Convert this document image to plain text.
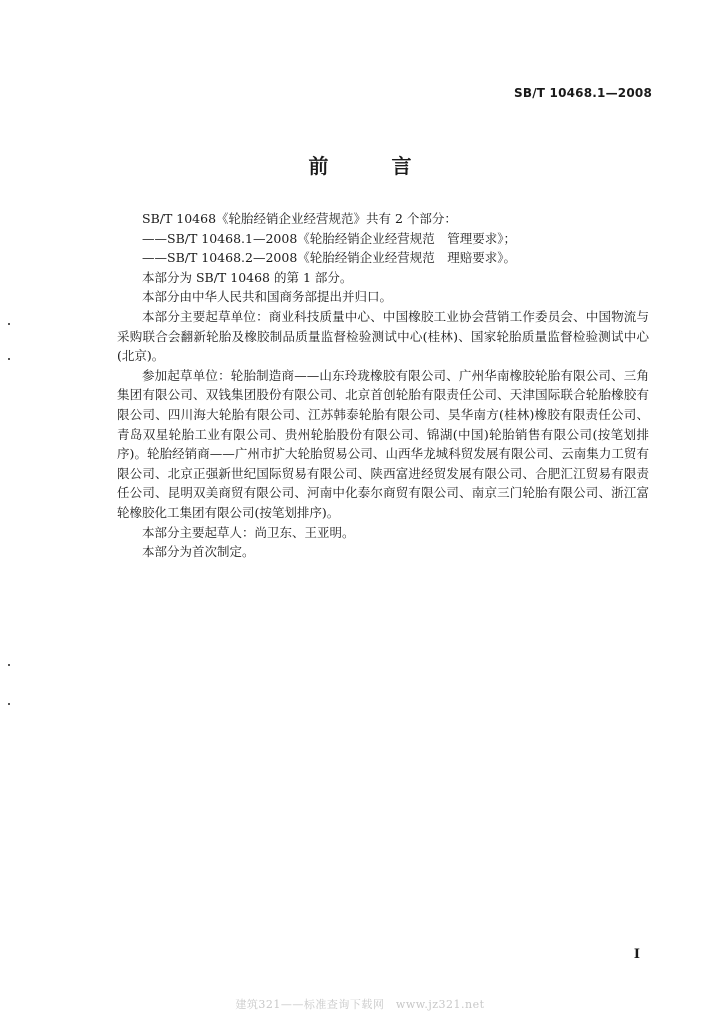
SB/T 10468.1—2008
前 言
SB/T 10468《轮胎经销企业经营规范》共有 2 个部分：
——SB/T 10468.1—2008《轮胎经销企业经营规范　管理要求》；
——SB/T 10468.2—2008《轮胎经销企业经营规范　理赔要求》。
本部分为 SB/T 10468 的第 1 部分。
本部分由中华人民共和国商务部提出并归口。
本部分主要起草单位：商业科技质量中心、中国橡胶工业协会营销工作委员会、中国物流与采购联合会翻新轮胎及橡胶制品质量监督检验测试中心(桂林)、国家轮胎质量监督检验测试中心(北京)。
参加起草单位：轮胎制造商——山东玲珑橡胶有限公司、广州华南橡胶轮胎有限公司、三角集团有限公司、双钱集团股份有限公司、北京首创轮胎有限责任公司、天津国际联合轮胎橡胶有限公司、四川海大轮胎有限公司、江苏韩泰轮胎有限公司、昊华南方(桂林)橡胶有限责任公司、青岛双星轮胎工业有限公司、贵州轮胎股份有限公司、锦湖(中国)轮胎销售有限公司(按笔划排序)。轮胎经销商——广州市扩大轮胎贸易公司、山西华龙城科贸发展有限公司、云南集力工贸有限公司、北京正强新世纪国际贸易有限公司、陕西富进经贸发展有限公司、合肥汇江贸易有限责任公司、昆明双美商贸有限公司、河南中化泰尔商贸有限公司、南京三门轮胎有限公司、浙江富轮橡胶化工集团有限公司(按笔划排序)。
本部分主要起草人：尚卫东、王亚明。
本部分为首次制定。
I
建筑321——标准查询下载网　www.jz321.net
